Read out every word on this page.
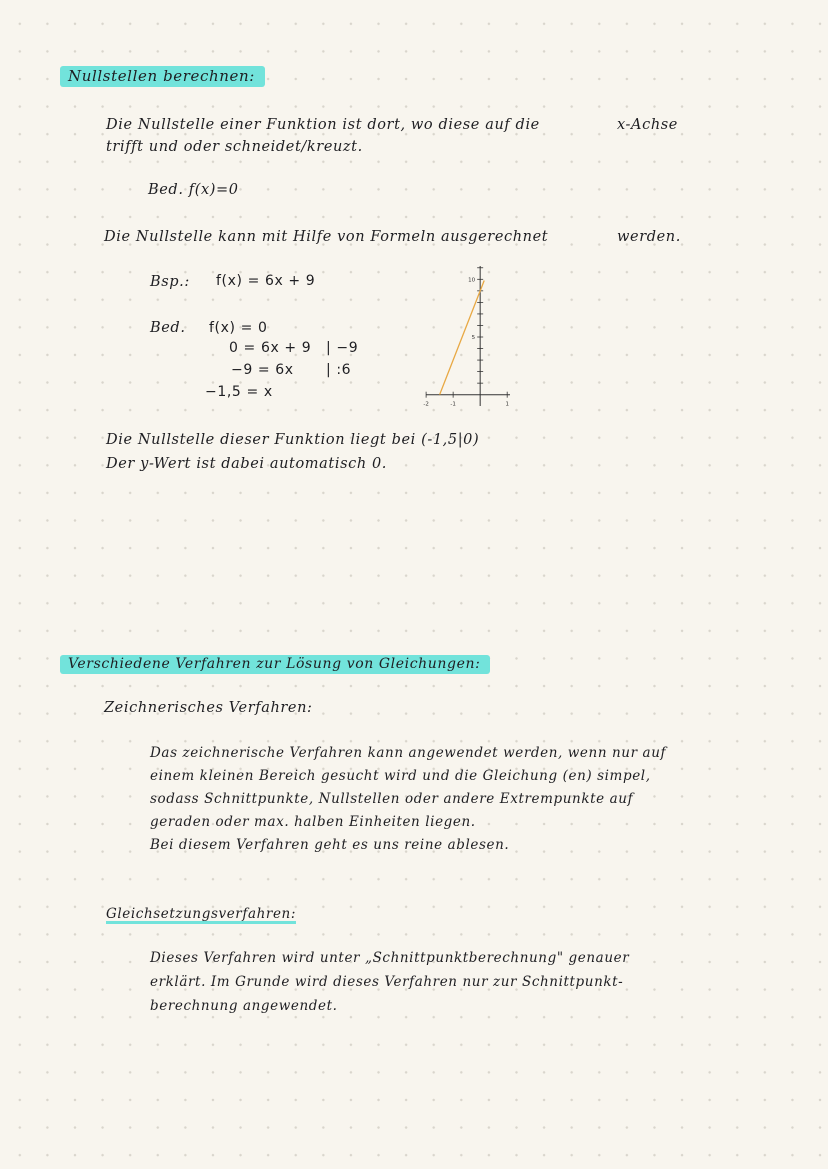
Nullstellen berechnen:
Die Nullstelle einer Funktion ist dort, wo diese auf die	x-Achse
trifft und oder schneidet/kreuzt.
Bed. f(x)=0
Die Nullstelle kann mit Hilfe von Formeln ausgerechnet	werden.
Bsp.: f(x) = 6x + 9
Bed. f(x) = 0
0 = 6x + 9 | −9
−9 = 6x | :6
−1,5 = x
-2	-1	1
5
10
Die Nullstelle dieser Funktion liegt bei (-1,5|0)
Der y-Wert ist dabei automatisch 0.
Verschiedene Verfahren zur Lösung von Gleichungen:
Zeichnerisches Verfahren:
Das zeichnerische Verfahren kann angewendet werden, wenn nur auf
einem kleinen Bereich gesucht wird und die Gleichung (en) simpel,
sodass Schnittpunkte, Nullstellen oder andere Extrempunkte auf
geraden oder max. halben Einheiten liegen.
Bei diesem Verfahren geht es uns reine ablesen.
Gleichsetzungsverfahren:
Dieses Verfahren wird unter „Schnittpunktberechnung" genauer
erklärt. Im Grunde wird dieses Verfahren nur zur Schnittpunkt-
berechnung angewendet.
